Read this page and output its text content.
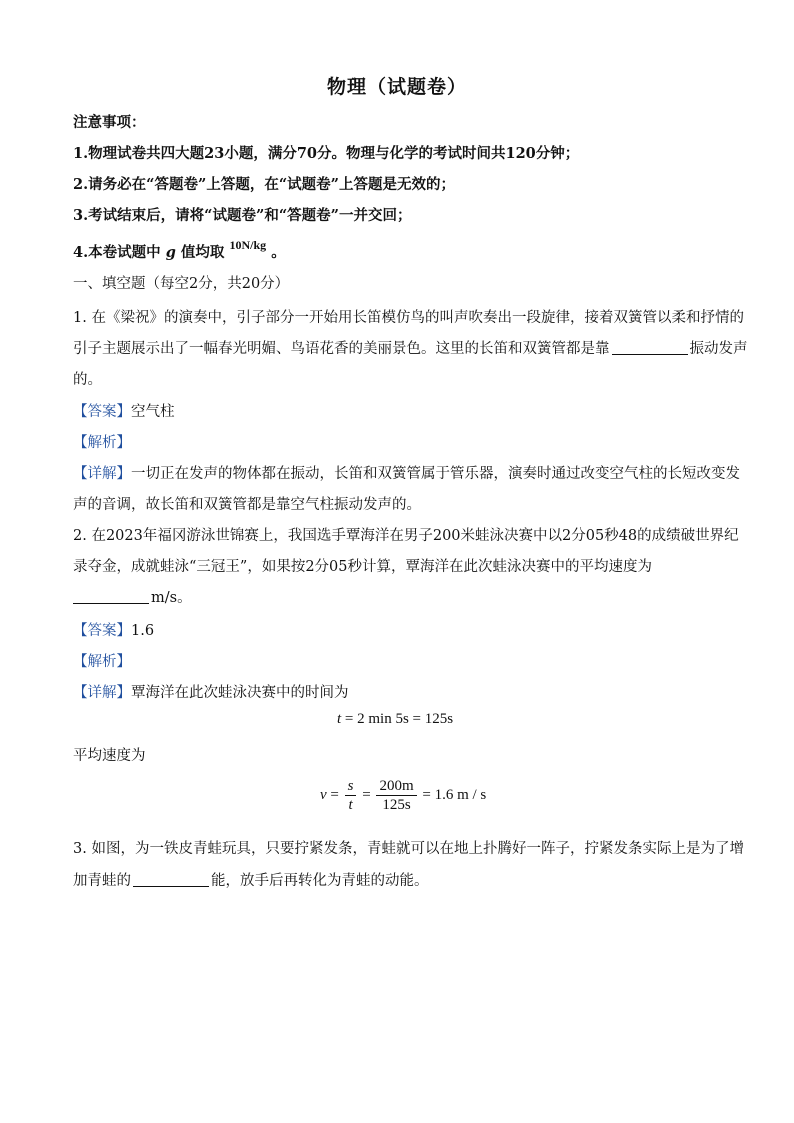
物理（试题卷）
注意事项：
1.物理试卷共四大题23小题，满分70分。物理与化学的考试时间共120分钟；
2.请务必在“答题卷”上答题，在“试题卷”上答题是无效的；
3.考试结束后，请将“试题卷”和“答题卷”一并交回；
4.本卷试题中 g 值均取 $^{10N/kg}$ 。
一、填空题（每空2分，共20分）
1. 在《梁祝》的演奏中，引子部分一开始用长笛模仿鸟的叫声吹奏出一段旋律，接着双簧管以柔和抒情的
引子主题展示出了一幅春光明媚、鸟语花香的美丽景色。这里的长笛和双簧管都是靠	振动发声
的。
【答案】空气柱
【解析】
【详解】一切正在发声的物体都在振动，长笛和双簧管属于管乐器，演奏时通过改变空气柱的长短改变发
声的音调，故长笛和双簧管都是靠空气柱振动发声的。
2. 在2023年福冈游泳世锦赛上，我国选手覃海洋在男子200米蛙泳决赛中以2分05秒48的成绩破世界纪
录夺金，成就蛙泳“三冠王”，如果按2分05秒计算，覃海洋在此次蛙泳决赛中的平均速度为
m/s。
【答案】1.6
【解析】
【详解】覃海洋在此次蛙泳决赛中的时间为
t = 2 min 5s = 125s
平均速度为
$v = \frac{s}{t} = \frac{200m}{125s} = 1.6$ m / s
3. 如图，为一铁皮青蛙玩具，只要拧紧发条，青蛙就可以在地上扑腾好一阵子，拧紧发条实际上是为了增
加青蛙的	能，放手后再转化为青蛙的动能。
